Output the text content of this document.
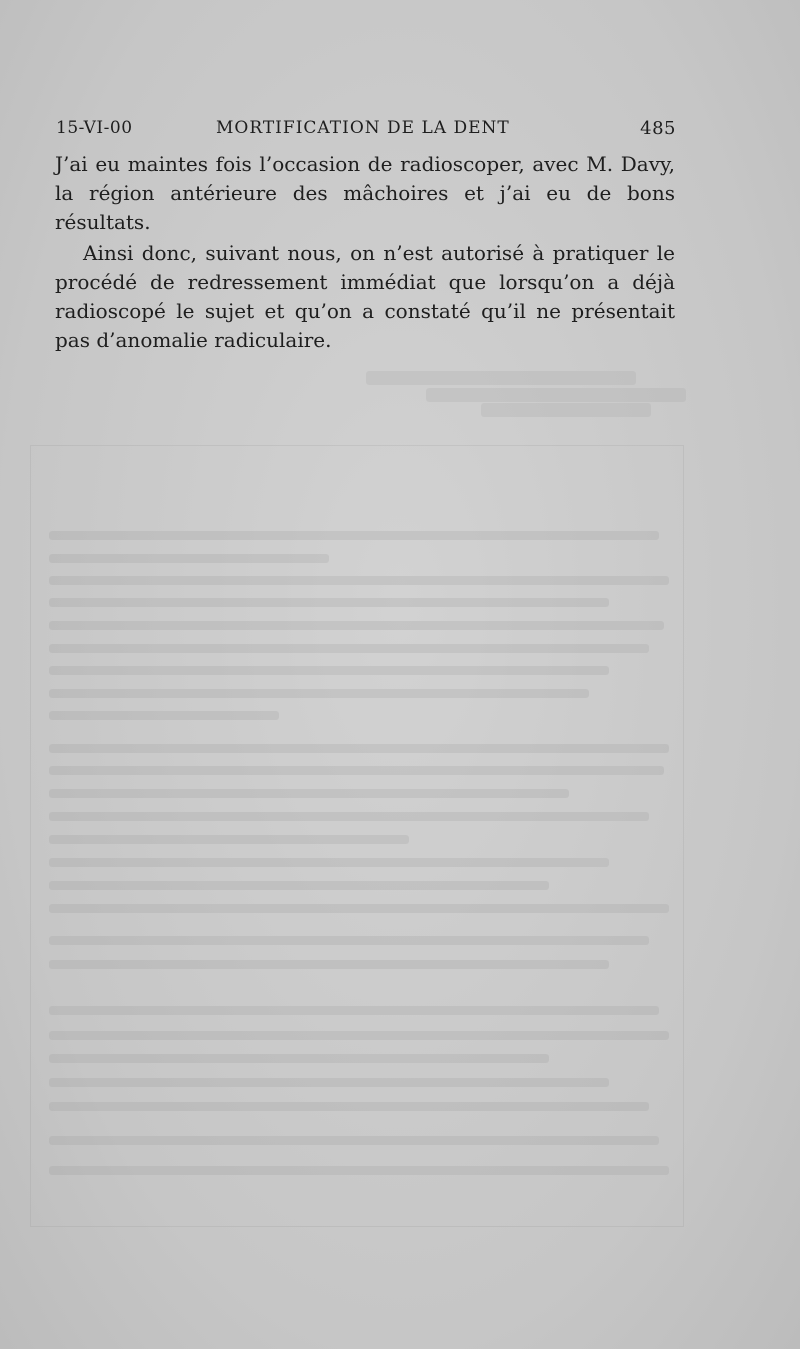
15-VI-00	MORTIFICATION DE LA DENT	485

J’ai eu maintes fois l’occasion de radioscoper, avec M. Davy, la région antérieure des mâchoires et j’ai eu de bons résultats.

Ainsi donc, suivant nous, on n’est autorisé à pratiquer le procédé de redressement immédiat que lorsqu’on a déjà radioscopé le sujet et qu’on a constaté qu’il ne présentait pas d’anomalie radiculaire.
